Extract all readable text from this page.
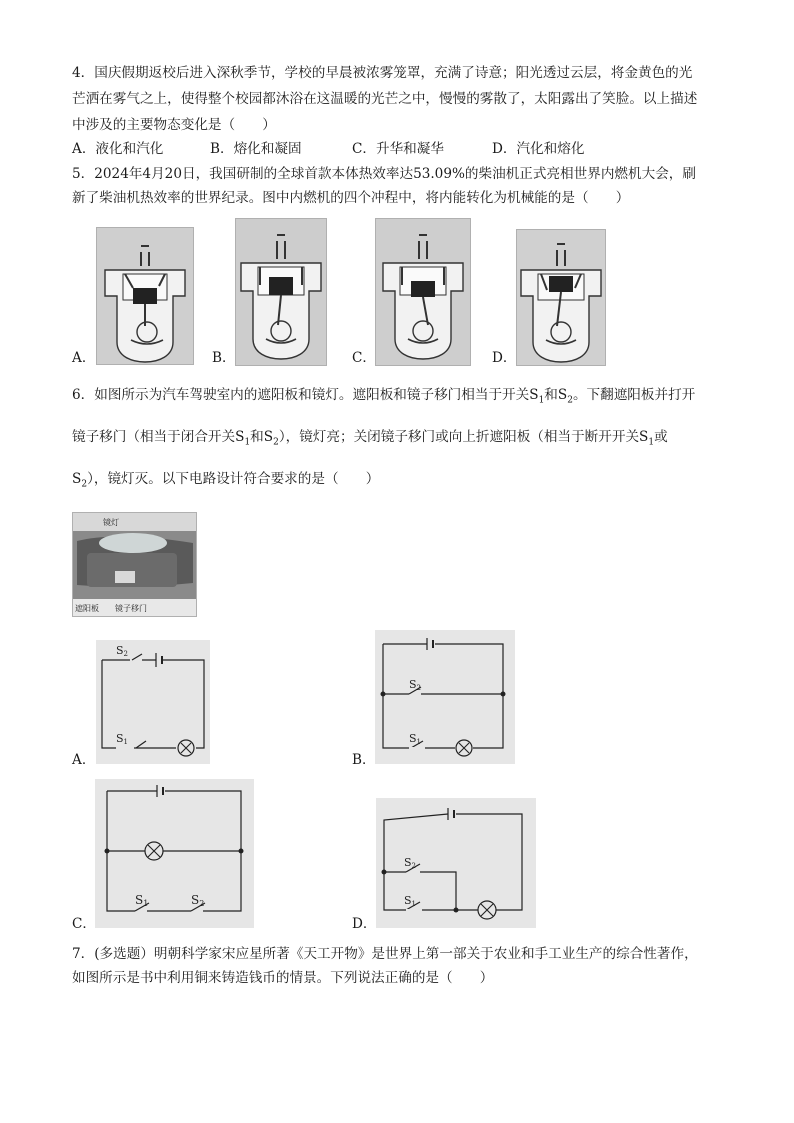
4．国庆假期返校后进入深秋季节，学校的早晨被浓雾笼罩，充满了诗意；阳光透过云层，将金黄色的光
芒洒在雾气之上，使得整个校园都沐浴在这温暖的光芒之中，慢慢的雾散了，太阳露出了笑脸。以上描述
中涉及的主要物态变化是（　　）
A．液化和汽化	B．熔化和凝固	C．升华和凝华	D．汽化和熔化
5．2024年4月20日，我国研制的全球首款本体热效率达53.09%的柴油机正式亮相世界内燃机大会，刷
新了柴油机热效率的世界纪录。图中内燃机的四个冲程中，将内能转化为机械能的是（　　）
A．	B．	C．	D．
6．如图所示为汽车驾驶室内的遮阳板和镜灯。遮阳板和镜子移门相当于开关$S_1$和$S_2$。下翻遮阳板并打开
镜子移门（相当于闭合开关$S_1$和$S_2$），镜灯亮；关闭镜子移门或向上折遮阳板（相当于断开开关$S_1$或
$S_2$），镜灯灭。以下电路设计符合要求的是（　　）
镜灯
遮阳板 镜子移门
S2
S1
A．
S2
S1
B．
S1	S2
C．
S2
S1
D．
7．(多选题）明朝科学家宋应星所著《天工开物》是世界上第一部关于农业和手工业生产的综合性著作，
如图所示是书中利用铜来铸造钱币的情景。下列说法正确的是（　　）
